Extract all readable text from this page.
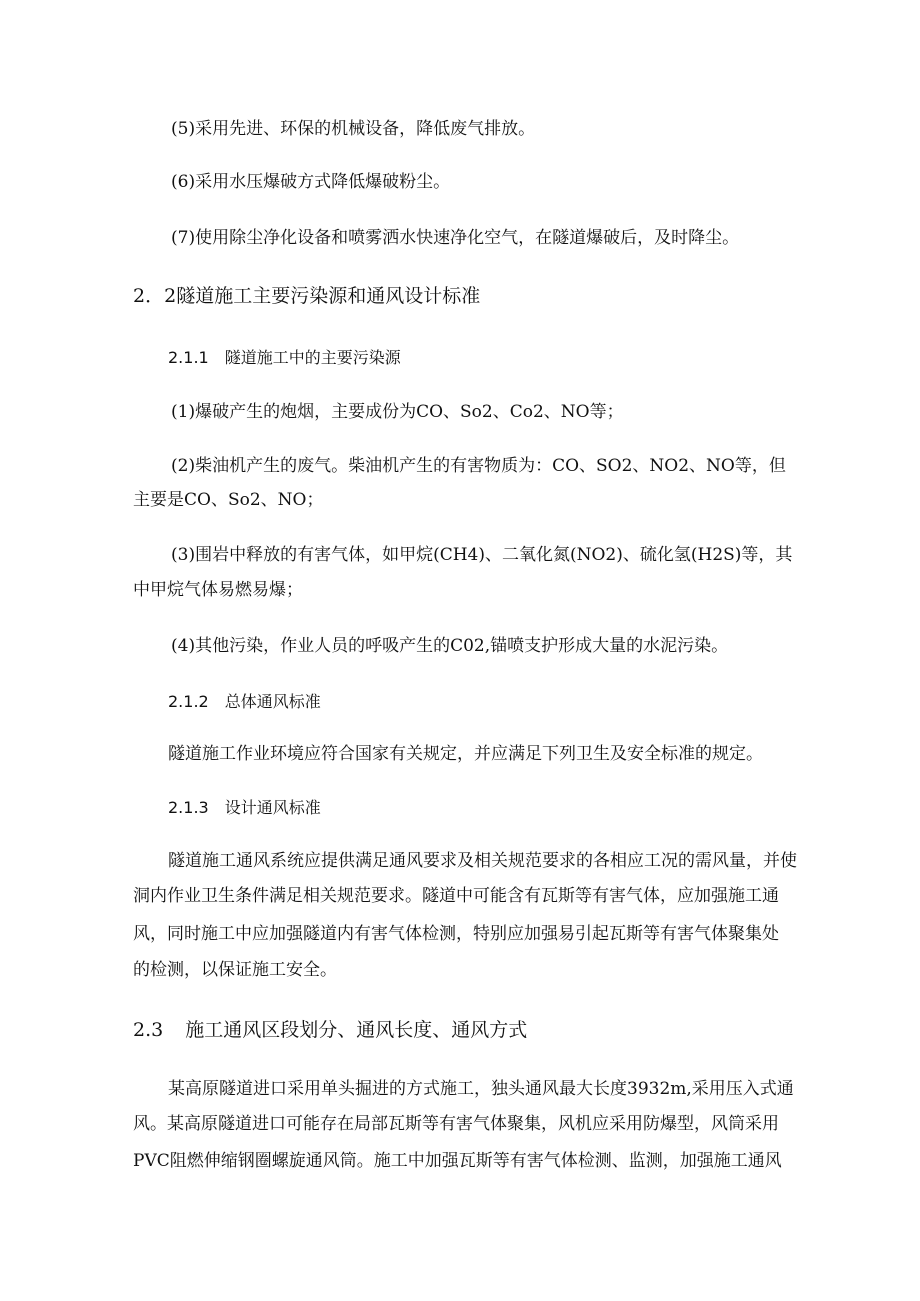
(5)采用先进、环保的机械设备，降低废气排放。
(6)采用水压爆破方式降低爆破粉尘。
(7)使用除尘净化设备和喷雾洒水快速净化空气，在隧道爆破后，及时降尘。
2．2隧道施工主要污染源和通风设计标准
2.1.1 隧道施工中的主要污染源
(1)爆破产生的炮烟，主要成份为CO、So2、Co2、NO等；
(2)柴油机产生的废气。柴油机产生的有害物质为：CO、SO2、NO2、NO等，但
主要是CO、So2、NO；
(3)围岩中释放的有害气体，如甲烷(CH4)、二氧化氮(NO2)、硫化氢(H2S)等，其
中甲烷气体易燃易爆；
(4)其他污染，作业人员的呼吸产生的C02,锚喷支护形成大量的水泥污染。
2.1.2 总体通风标准
隧道施工作业环境应符合国家有关规定，并应满足下列卫生及安全标准的规定。
2.1.3 设计通风标准
隧道施工通风系统应提供满足通风要求及相关规范要求的各相应工况的需风量，并使
洞内作业卫生条件满足相关规范要求。隧道中可能含有瓦斯等有害气体，应加强施工通
风，同时施工中应加强隧道内有害气体检测，特别应加强易引起瓦斯等有害气体聚集处
的检测，以保证施工安全。
2.3 施工通风区段划分、通风长度、通风方式
某高原隧道进口采用单头掘进的方式施工，独头通风最大长度3932m,采用压入式通
风。某高原隧道进口可能存在局部瓦斯等有害气体聚集，风机应采用防爆型，风筒采用
PVC阻燃伸缩钢圈螺旋通风筒。施工中加强瓦斯等有害气体检测、监测，加强施工通风
